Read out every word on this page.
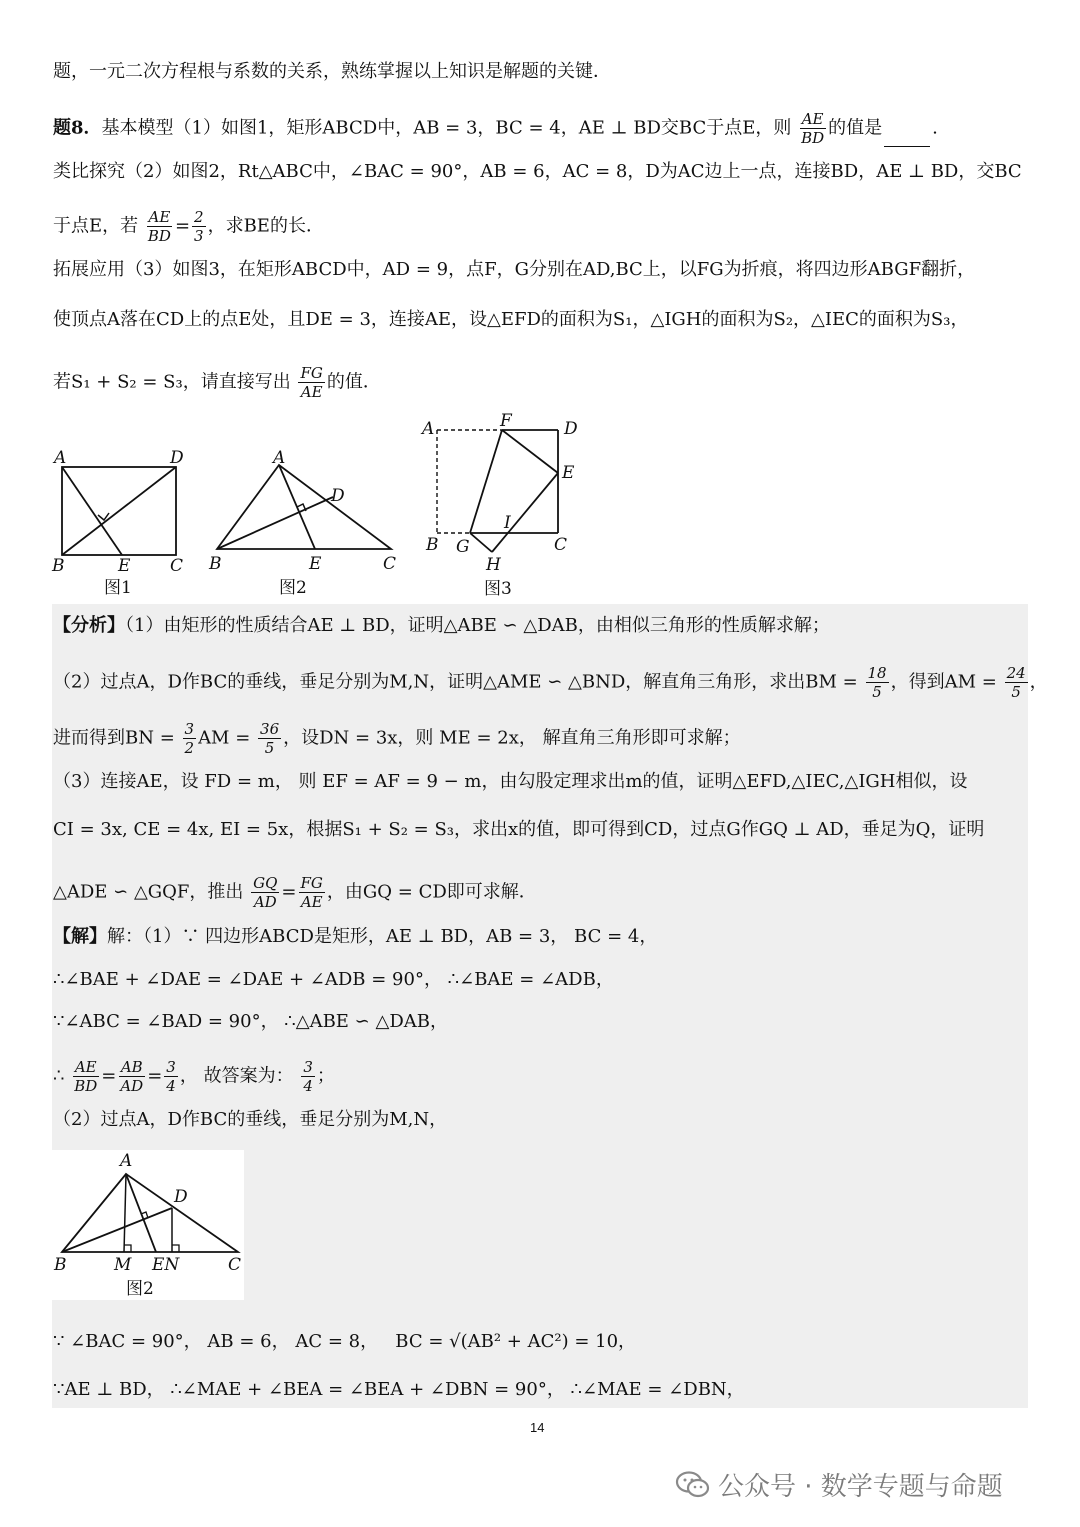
题，一元二次方程根与系数的关系，熟练掌握以上知识是解题的关键．
题8．基本模型（1）如图1，矩形ABCD中，AB = 3，BC = 4，AE ⊥ BD交BC于点E，则 $\frac{AE}{BD}$ 的值是	.
类比探究（2）如图2，Rt△ABC中，∠BAC = 90°，AB = 6，AC = 8，D为AC边上一点，连接BD，AE ⊥ BD，交BC
于点E，若 $\frac{AE}{BD} = \frac{2}{3}$ ，求BE的长．
拓展应用（3）如图3，在矩形ABCD中，AD = 9，点F，G分别在AD,BC上，以FG为折痕，将四边形ABGF翻折，
使顶点A落在CD上的点E处，且DE = 3，连接AE，设△EFD的面积为S₁，△IGH的面积为S₂，△IEC的面积为S₃，
若S₁ + S₂ = S₃，请直接写出 $\frac{FG}{AE}$ 的值．
A	D
B	E C
图1
A
D
B	E	C
图2
A	F	D
E
I
B G	C
H
图3
【分析】（1）由矩形的性质结合AE ⊥ BD，证明△ABE ∽ △DAB，由相似三角形的性质解求解；
（2）过点A，D作BC的垂线，垂足分别为M,N，证明△AME ∽ △BND，解直角三角形，求出BM = $\frac{18}{5}$ ，得到AM = $\frac{24}{5}$ ，
进而得到BN = $\frac{3}{2}$ AM = $\frac{36}{5}$ ，设DN = 3x，则 ME = 2x， 解直角三角形即可求解；
（3）连接AE，设 FD = m， 则 EF = AF = 9 − m，由勾股定理求出m的值，证明△EFD,△IEC,△IGH相似，设
CI = 3x, CE = 4x, EI = 5x，根据S₁ + S₂ = S₃，求出x的值，即可得到CD，过点G作GQ ⊥ AD，垂足为Q，证明
△ADE ∽ △GQF，推出 $\frac{GQ}{AD} = \frac{FG}{AE}$ ，由GQ = CD即可求解．
【解】解：（1）∵ 四边形ABCD是矩形，AE ⊥ BD，AB = 3， BC = 4，
∴∠BAE + ∠DAE = ∠DAE + ∠ADB = 90°， ∴∠BAE = ∠ADB，
∵∠ABC = ∠BAD = 90°， ∴△ABE ∽ △DAB，
∴ $\frac{AE}{BD} = \frac{AB}{AD} = \frac{3}{4}$ ， 故答案为： $\frac{3}{4}$ ；
（2）过点A，D作BC的垂线，垂足分别为M,N，
A
D
B	M EN	C
图2
∵ ∠BAC = 90°， AB = 6， AC = 8， BC = √(AB² + AC²) = 10，
∵AE ⊥ BD， ∴∠MAE + ∠BEA = ∠BEA + ∠DBN = 90°， ∴∠MAE = ∠DBN，
14
公众号 · 数学专题与命题
